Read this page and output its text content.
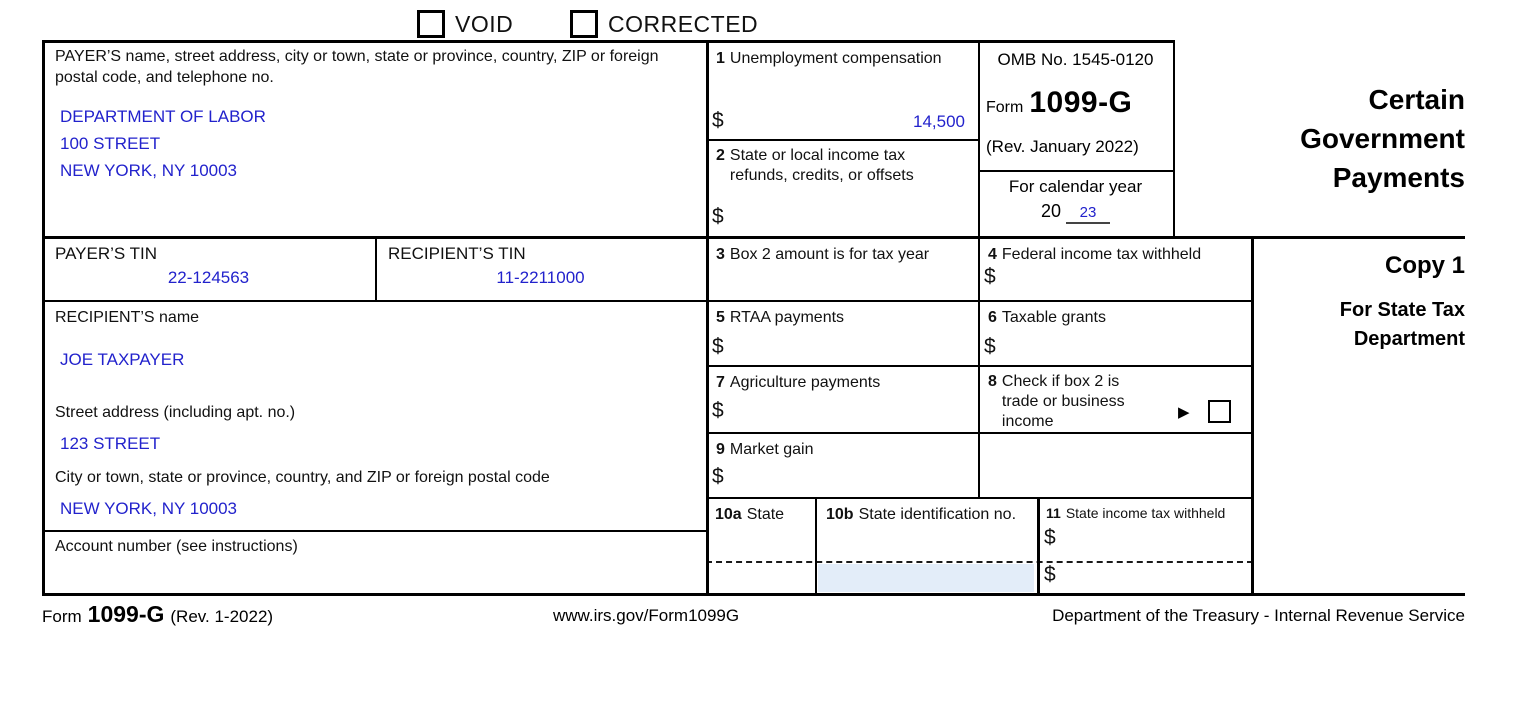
VOID	CORRECTED
PAYER’S name, street address, city or town, state or province, country, ZIP or foreign postal code, and telephone no.
DEPARTMENT OF LABOR
100 STREET
NEW YORK, NY 10003
1 Unemployment compensation
$	14,500
2 State or local income tax refunds, credits, or offsets
$
OMB No. 1545-0120
Form 1099-G
(Rev. January 2022)
For calendar year
20 23
Certain Government Payments
PAYER’S TIN
22-124563
RECIPIENT’S TIN
11-2211000
3 Box 2 amount is for tax year	4 Federal income tax withheld
$	Copy 1
For State Tax Department
RECIPIENT’S name
JOE TAXPAYER
Street address (including apt. no.)
123 STREET
City or town, state or province, country, and ZIP or foreign postal code
NEW YORK, NY 10003
5 RTAA payments
$
6 Taxable grants
$
7 Agriculture payments
$
8 Check if box 2 is trade or business income
▶
9 Market gain
$
Account number (see instructions)
10a State	10b State identification no. 11 State income tax withheld
$
$
Form 1099-G (Rev. 1-2022)	www.irs.gov/Form1099G	Department of the Treasury - Internal Revenue Service
